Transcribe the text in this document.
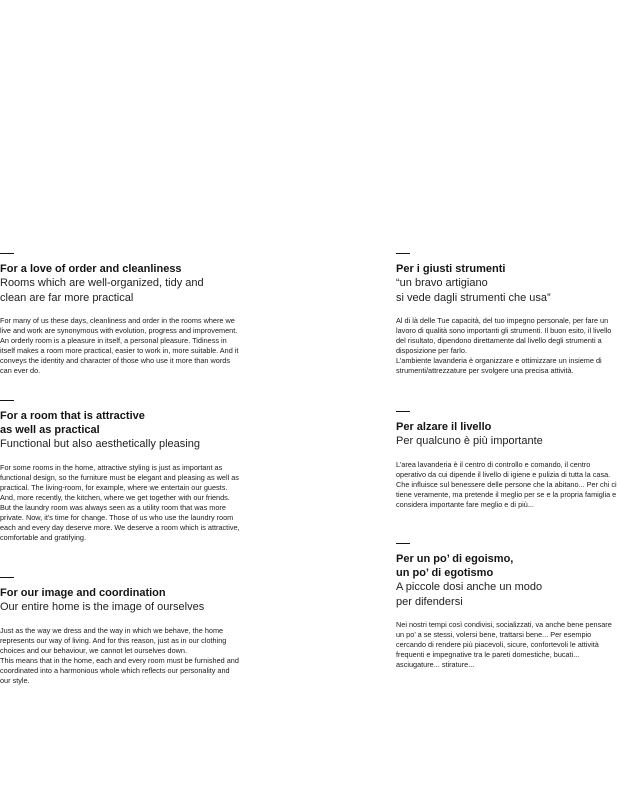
For a love of order and cleanliness
Rooms which are well-organized, tidy and
clean are far more practical

For many of us these days, cleanliness and order in the rooms where we live and work are synonymous with evolution, progress and improvement. An orderly room is a pleasure in itself, a personal pleasure. Tidiness in itself makes a room more practical, easier to work in, more suitable. And it conveys the identity and character of those who use it more than words can ever do.

For a room that is attractive
as well as practical
Functional but also aesthetically pleasing

For some rooms in the home, attractive styling is just as important as functional design, so the furniture must be elegant and pleasing as well as practical. The living-room, for example, where we entertain our guests. And, more recently, the kitchen, where we get together with our friends. But the laundry room was always seen as a utility room that was more private. Now, it's time for change. Those of us who use the laundry room each and every day deserve more. We deserve a room which is attractive, comfortable and gratifying.

For our image and coordination
Our entire home is the image of ourselves

Just as the way we dress and the way in which we behave, the home represents our way of living. And for this reason, just as in our clothing choices and our behaviour, we cannot let ourselves down.

This means that in the home, each and every room must be furnished and coordinated into a harmonious whole which reflects our personality and our style.

Per i giusti strumenti
“un bravo artigiano
si vede dagli strumenti che usa”

Al di là delle Tue capacità, del tuo impegno personale, per fare un lavoro di qualità sono importanti gli strumenti. Il buon esito, il livello del risultato, dipendono direttamente dal livello degli strumenti a disposizione per farlo.

L’ambiente lavanderia è organizzare e ottimizzare un insieme di strumenti/attrezzature per svolgere una precisa attività.

Per alzare il livello
Per qualcuno è più importante

L’area lavanderia è il centro di controllo e comando, il centro operativo da cui dipende il livello di igiene e pulizia di tutta la casa. Che influisce sul benessere delle persone che la abitano... Per chi ci tiene veramente, ma pretende il meglio per se e la propria famiglia e considera importante fare meglio e di più...

Per un po’ di egoismo,
un po’ di egotismo
A piccole dosi anche un modo
per difendersi

Nei nostri tempi così condivisi, socializzati, va anche bene pensare un po’ a se stessi, volersi bene, trattarsi bene... Per esempio cercando di rendere più piacevoli, sicure, confortevoli le attività frequenti e impegnative tra le pareti domestiche, bucati... asciugature... stirature...
